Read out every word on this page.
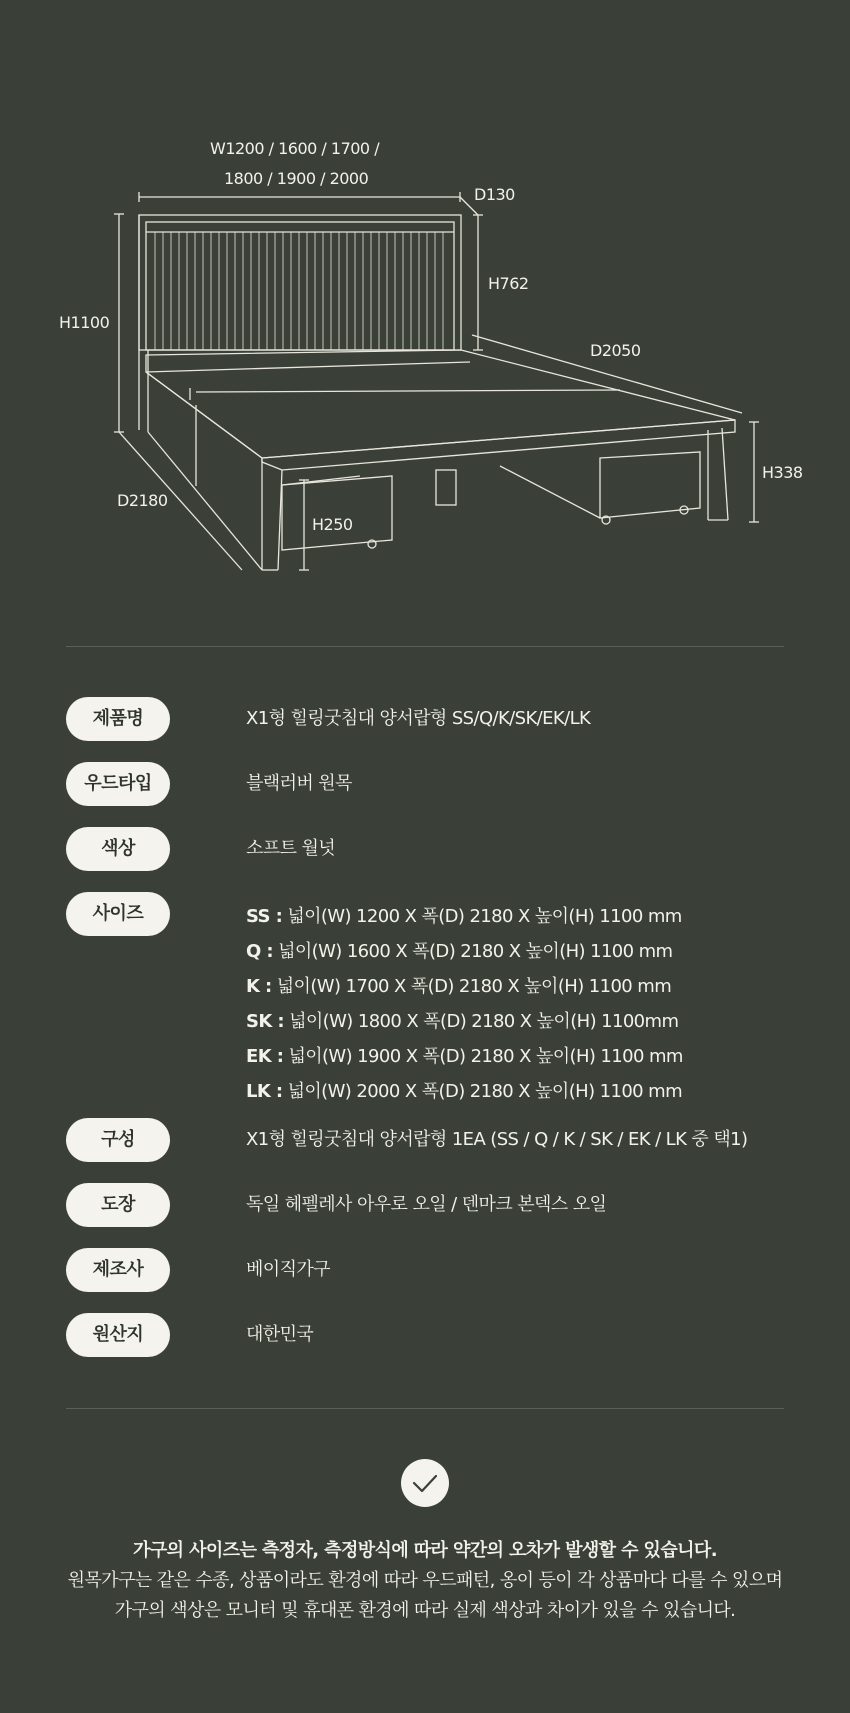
W1200 / 1600 / 1700 /
1800 / 1900 / 2000
D130
H762
H1100
D2050
H338
D2180
H250
제품명	X1형 힐링굿침대 양서랍형 SS/Q/K/SK/EK/LK
우드타입	블랙러버 원목
색상	소프트 월넛
사이즈	SS : 넓이(W) 1200 X 폭(D) 2180 X 높이(H) 1100 mm
Q : 넓이(W) 1600 X 폭(D) 2180 X 높이(H) 1100 mm
K : 넓이(W) 1700 X 폭(D) 2180 X 높이(H) 1100 mm
SK : 넓이(W) 1800 X 폭(D) 2180 X 높이(H) 1100mm
EK : 넓이(W) 1900 X 폭(D) 2180 X 높이(H) 1100 mm
LK : 넓이(W) 2000 X 폭(D) 2180 X 높이(H) 1100 mm
구성	X1형 힐링굿침대 양서랍형 1EA (SS / Q / K / SK / EK / LK 중 택1)
도장	독일 헤펠레사 아우로 오일 / 덴마크 본덱스 오일
제조사	베이직가구
원산지	대한민국
가구의 사이즈는 측정자, 측정방식에 따라 약간의 오차가 발생할 수 있습니다.
원목가구는 같은 수종, 상품이라도 환경에 따라 우드패턴, 옹이 등이 각 상품마다 다를 수 있으며
가구의 색상은 모니터 및 휴대폰 환경에 따라 실제 색상과 차이가 있을 수 있습니다.
